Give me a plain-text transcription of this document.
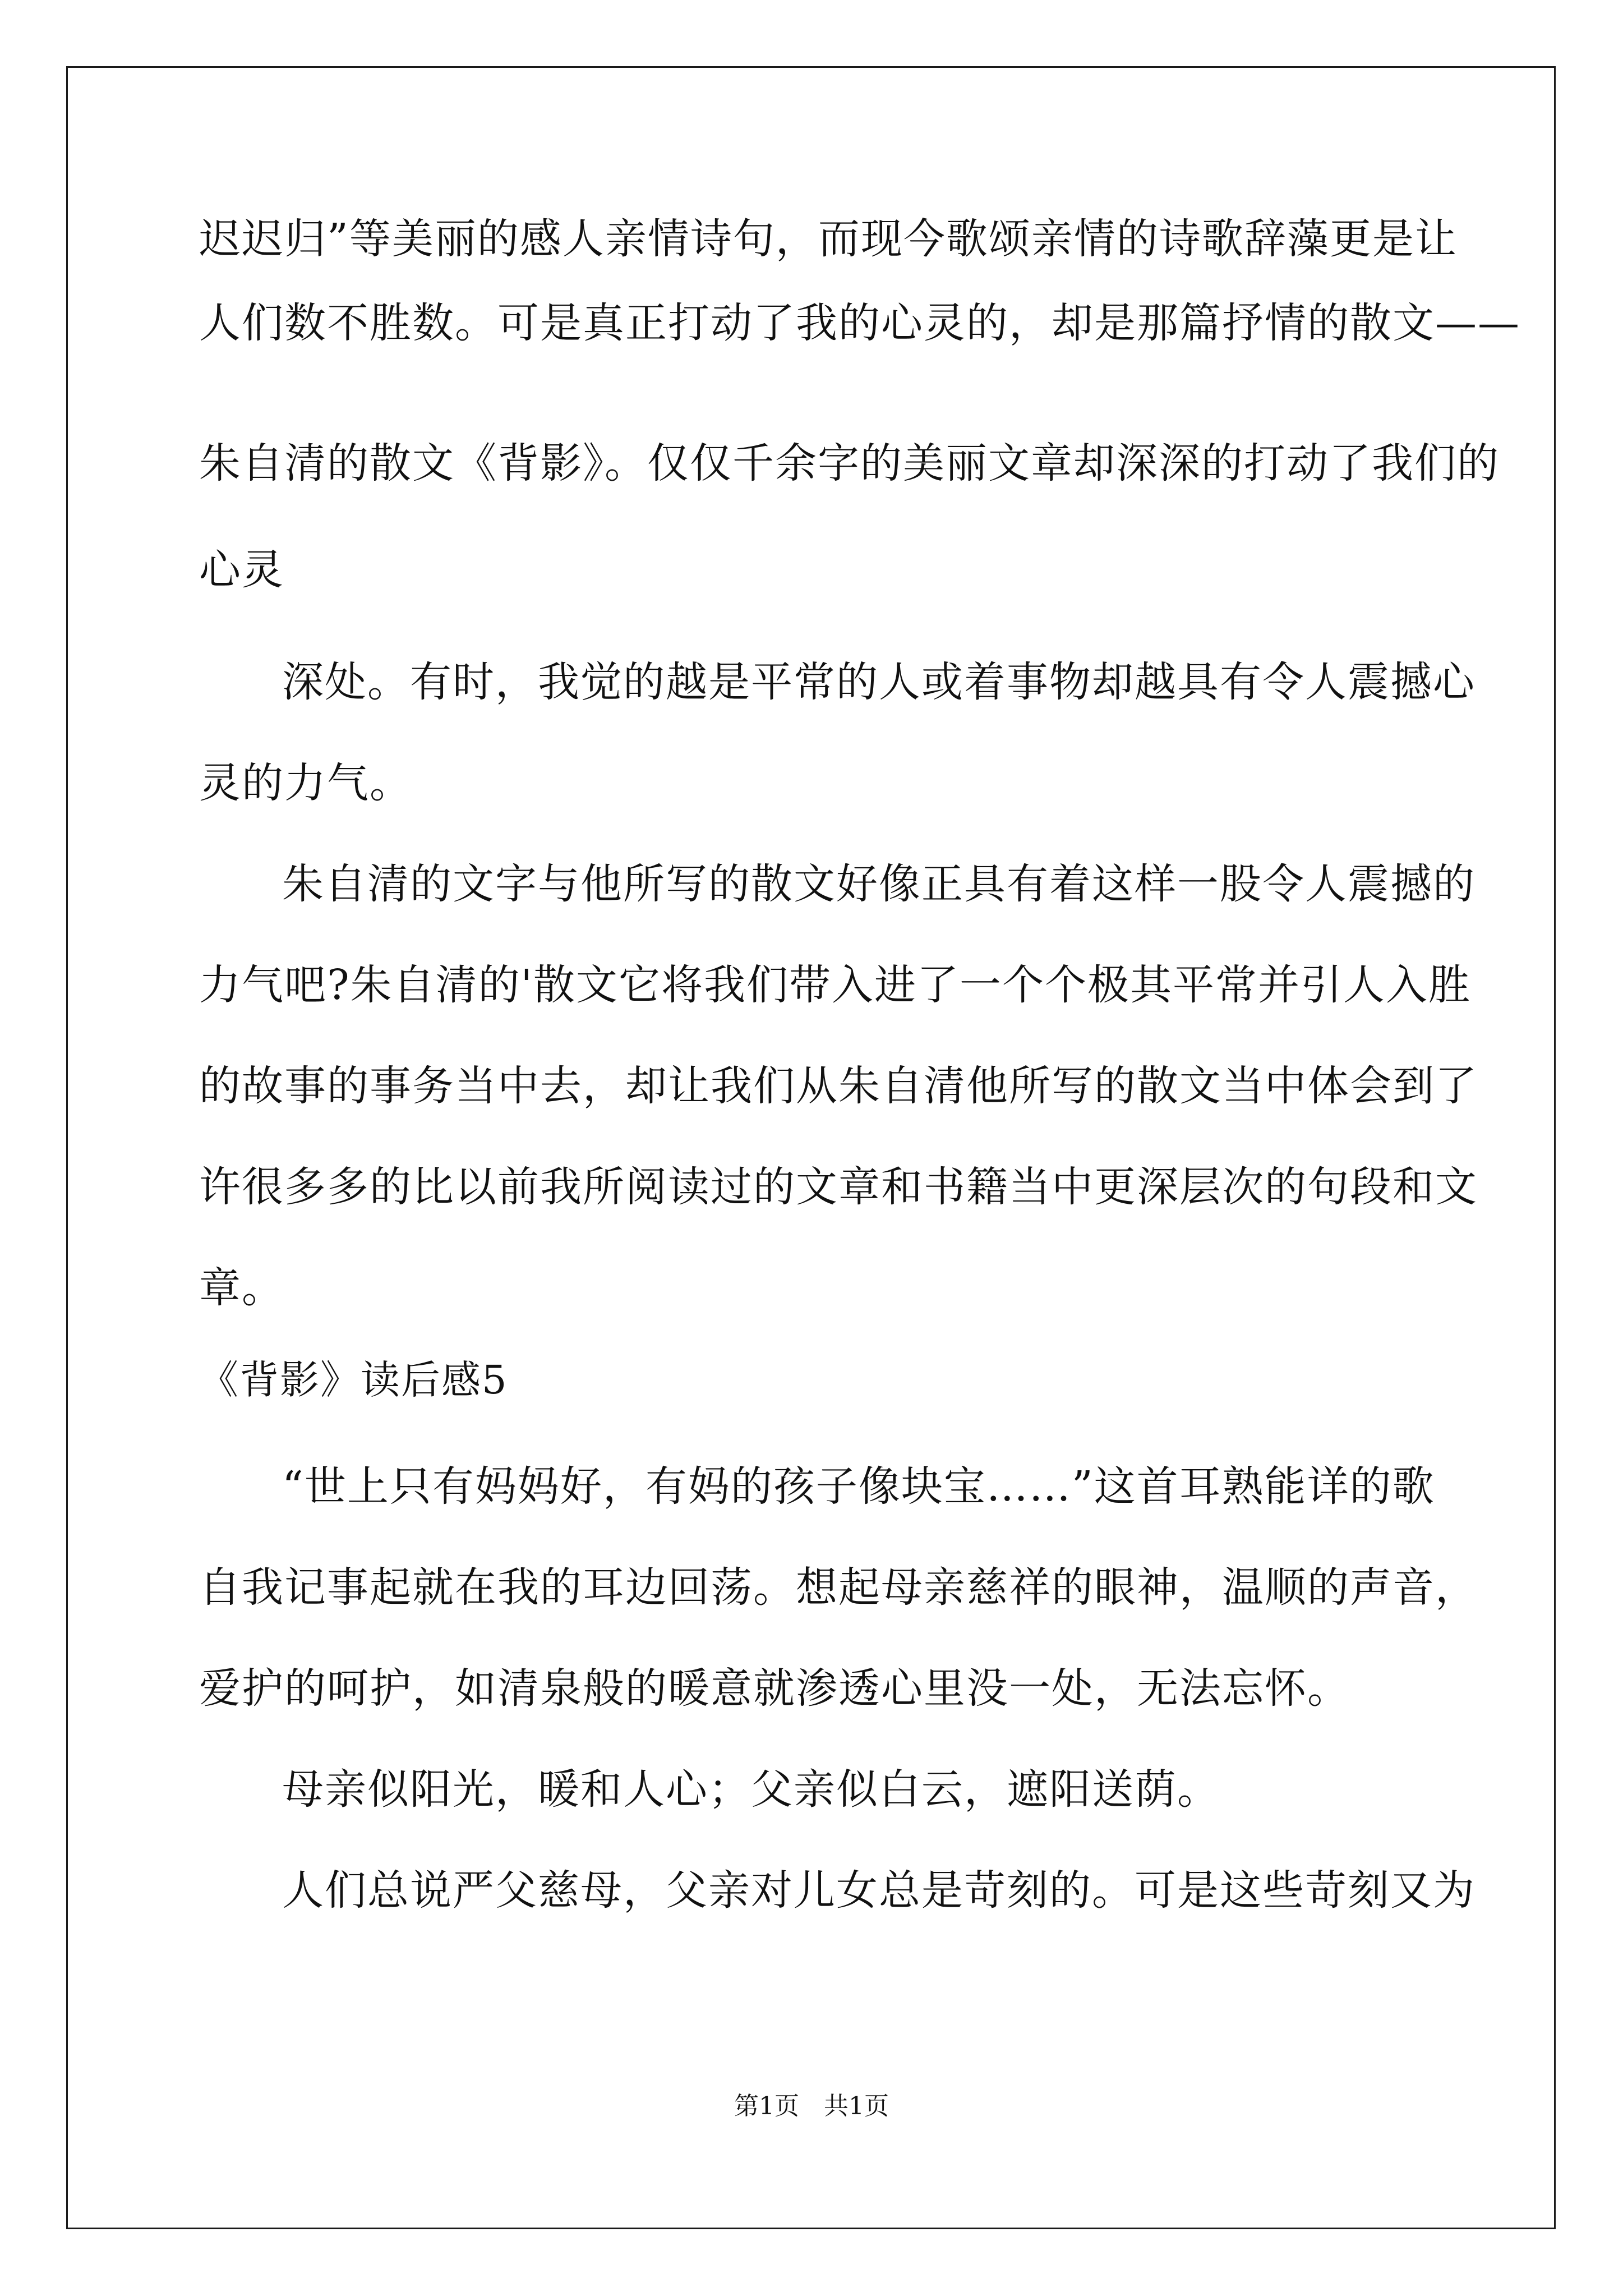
迟迟归”等美丽的感人亲情诗句，而现今歌颂亲情的诗歌辞藻更是让
人们数不胜数。可是真正打动了我的心灵的，却是那篇抒情的散文——
朱自清的散文《背影》。仅仅千余字的美丽文章却深深的打动了我们的
心灵
深处。有时，我觉的越是平常的人或着事物却越具有令人震撼心
灵的力气。
朱自清的文字与他所写的散文好像正具有着这样一股令人震撼的
力气吧?朱自清的'散文它将我们带入进了一个个极其平常并引人入胜
的故事的事务当中去，却让我们从朱自清他所写的散文当中体会到了
许很多多的比以前我所阅读过的文章和书籍当中更深层次的句段和文
章。
《背影》读后感5
“世上只有妈妈好，有妈的孩子像块宝……”这首耳熟能详的歌
自我记事起就在我的耳边回荡。想起母亲慈祥的眼神，温顺的声音，
爱护的呵护，如清泉般的暖意就渗透心里没一处，无法忘怀。
母亲似阳光，暖和人心；父亲似白云，遮阳送荫。
人们总说严父慈母，父亲对儿女总是苛刻的。可是这些苛刻又为
第1页　共1页
